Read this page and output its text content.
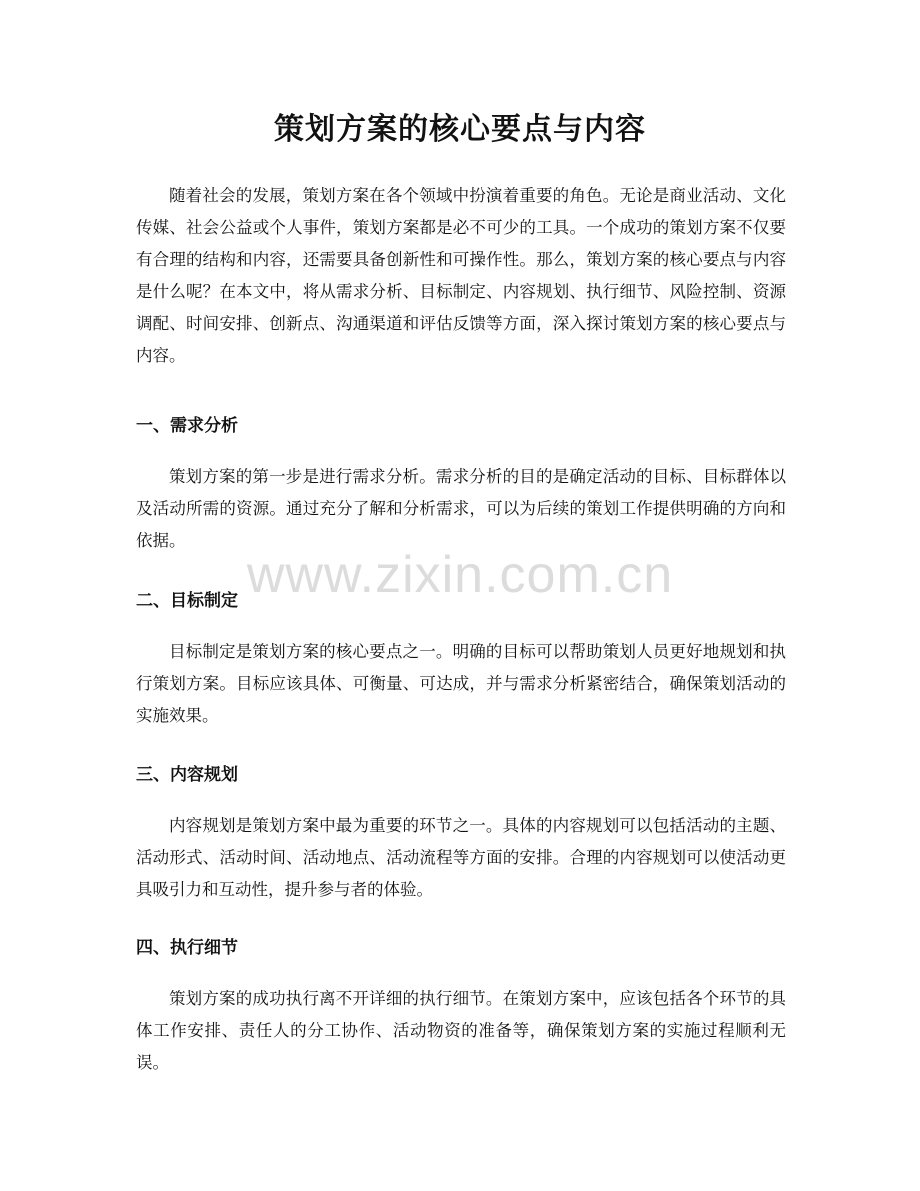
策划方案的核心要点与内容

随着社会的发展，策划方案在各个领域中扮演着重要的角色。无论是商业活动、文化传媒、社会公益或个人事件，策划方案都是必不可少的工具。一个成功的策划方案不仅要有合理的结构和内容，还需要具备创新性和可操作性。那么，策划方案的核心要点与内容是什么呢？在本文中，将从需求分析、目标制定、内容规划、执行细节、风险控制、资源调配、时间安排、创新点、沟通渠道和评估反馈等方面，深入探讨策划方案的核心要点与内容。

一、需求分析

策划方案的第一步是进行需求分析。需求分析的目的是确定活动的目标、目标群体以及活动所需的资源。通过充分了解和分析需求，可以为后续的策划工作提供明确的方向和依据。

二、目标制定

目标制定是策划方案的核心要点之一。明确的目标可以帮助策划人员更好地规划和执行策划方案。目标应该具体、可衡量、可达成，并与需求分析紧密结合，确保策划活动的实施效果。

三、内容规划

内容规划是策划方案中最为重要的环节之一。具体的内容规划可以包括活动的主题、活动形式、活动时间、活动地点、活动流程等方面的安排。合理的内容规划可以使活动更具吸引力和互动性，提升参与者的体验。

四、执行细节

策划方案的成功执行离不开详细的执行细节。在策划方案中，应该包括各个环节的具体工作安排、责任人的分工协作、活动物资的准备等，确保策划方案的实施过程顺利无误。

www.zixin.com.cn
